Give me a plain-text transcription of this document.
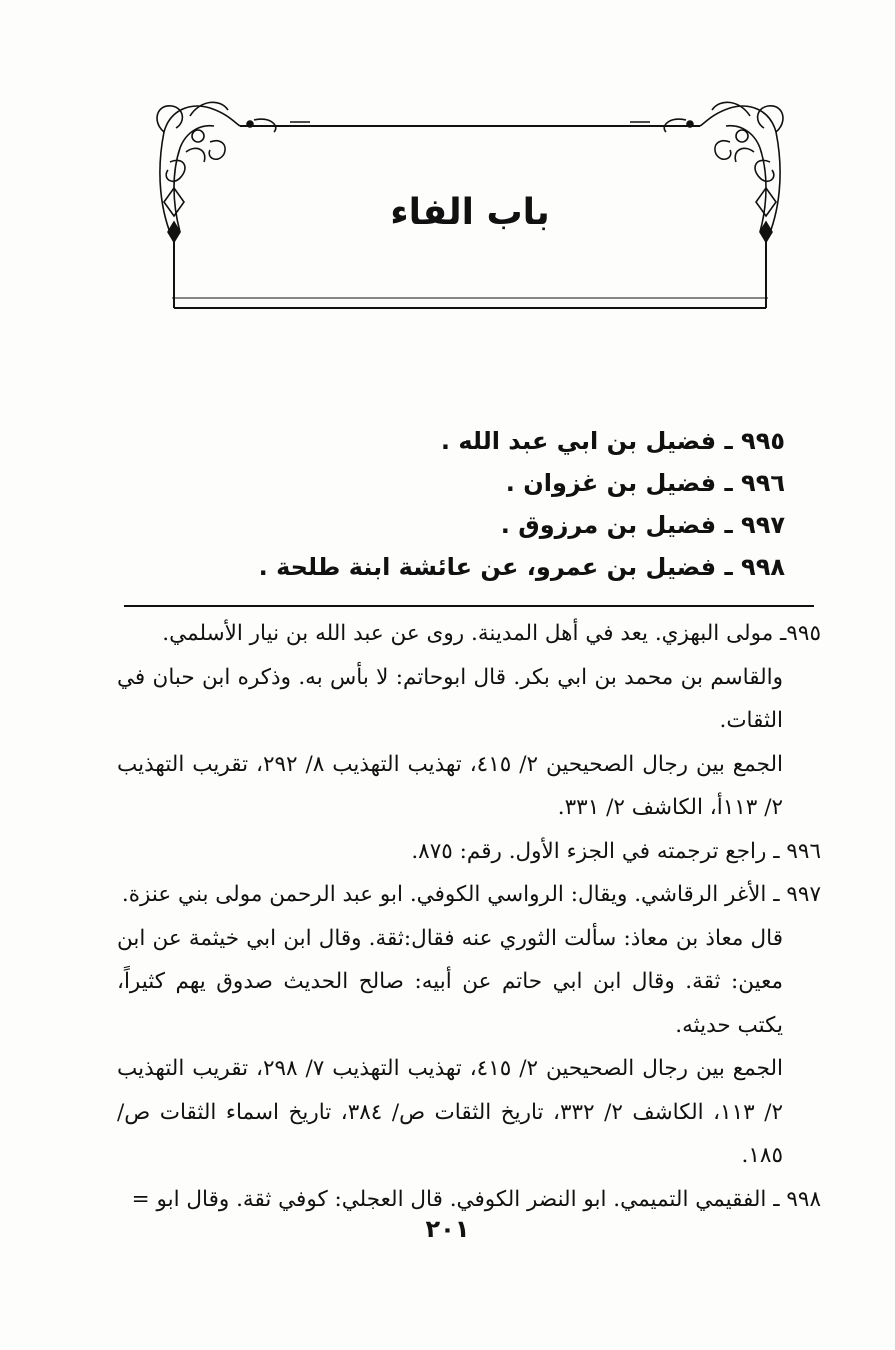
باب الفاء
٩٩٥ ـ فضيل بن ابي عبد الله .
٩٩٦ ـ فضيل بن غزوان .
٩٩٧ ـ فضيل بن مرزوق .
٩٩٨ ـ فضيل بن عمرو، عن عائشة ابنة طلحة .

٩٩٥ـ مولى البهزي. يعد في أهل المدينة. روى عن عبد الله بن نيار الأسلمي.

والقاسم بن محمد بن ابي بكر. قال ابوحاتم: لا بأس به. وذكره ابن حبان في الثقات.

الجمع بين رجال الصحيحين ٢/ ٤١٥، تهذيب التهذيب ٨/ ٢٩٢، تقريب التهذيب ٢/ ١١٣أ، الكاشف ٢/ ٣٣١.

٩٩٦ ـ راجع ترجمته في الجزء الأول. رقم: ٨٧٥.

٩٩٧ ـ الأغر الرقاشي. ويقال: الرواسي الكوفي. ابو عبد الرحمن مولى بني عنزة.

قال معاذ بن معاذ: سألت الثوري عنه فقال:ثقة. وقال ابن ابي خيثمة عن ابن معين: ثقة. وقال ابن ابي حاتم عن أبيه: صالح الحديث صدوق يهم كثيراً، يكتب حديثه.

الجمع بين رجال الصحيحين ٢/ ٤١٥، تهذيب التهذيب ٧/ ٢٩٨، تقريب التهذيب ٢/ ١١٣، الكاشف ٢/ ٣٣٢، تاريخ الثقات ص/ ٣٨٤، تاريخ اسماء الثقات ص/ ١٨٥.

٩٩٨ ـ الفقيمي التميمي. ابو النضر الكوفي. قال العجلي: كوفي ثقة. وقال ابو =

٢٠١
